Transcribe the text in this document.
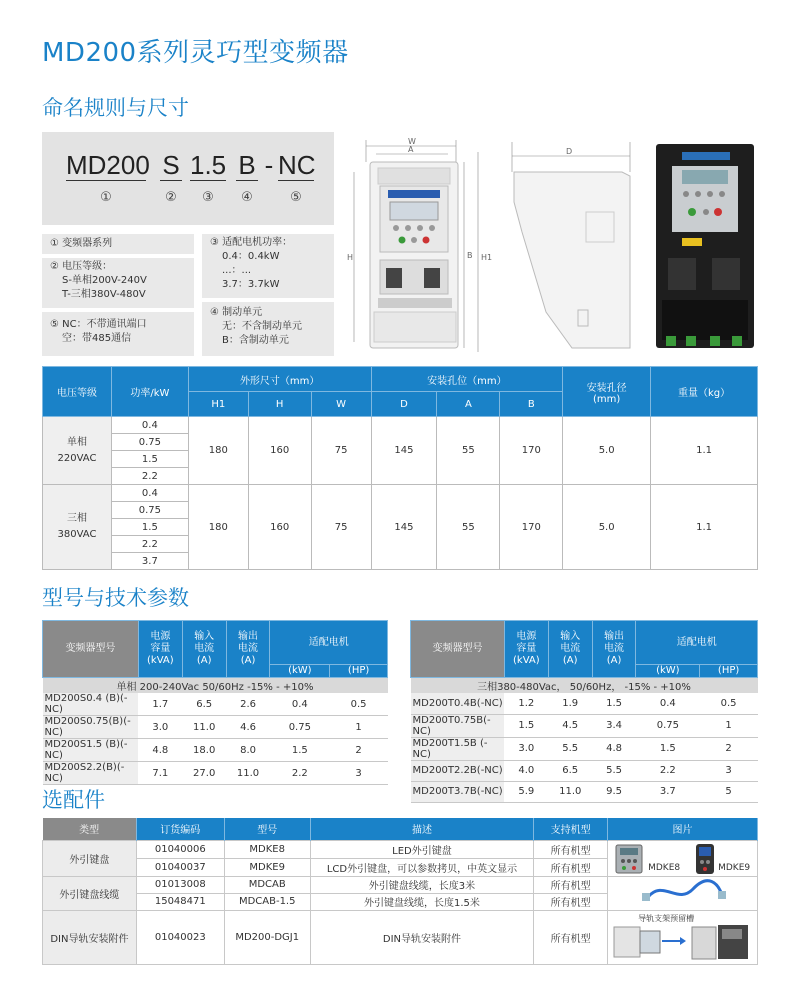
MD200系列灵巧型变频器
命名规则与尺寸
MD200 S 1.5 B - NC
①	②	③	④	⑤
① 变频器系列
② 电压等级：
S-单相200V-240V
T-三相380V-480V
⑤ NC：不带通讯端口
空：带485通信
③ 适配电机功率：
0.4：0.4kW
...：...
3.7：3.7kW
④ 制动单元
无：不含制动单元
B：含制动单元
W
A
H	B H1
D
电压等级	功率/kW	外形尺寸（mm）			安装孔位（mm）			安装孔径
(mm)	重量（kg）
		H1	H	W	D	A	B		
单相
220VAC	0.4	180	160	75	145	55	170	5.0	1.1
	0.75								
	1.5								
	2.2								
三相
380VAC	0.4	180	160	75	145	55	170	5.0	1.1
	0.75								
	1.5								
	2.2								
	3.7								
型号与技术参数
变频器型号	电源
容量
(kVA)	输入
电流
(A)	输出
电流
(A)	适配电机	
				(kW)	(HP)
单相 200-240Vac 50/60Hz -15% - +10%					
MD200S0.4 (B)(-NC)	1.7	6.5	2.6	0.4	0.5
MD200S0.75(B)(-NC)	3.0	11.0	4.6	0.75	1
MD200S1.5 (B)(-NC)	4.8	18.0	8.0	1.5	2
MD200S2.2(B)(-NC)	7.1	27.0	11.0	2.2	3
变频器型号	电源
容量
(kVA)	输入
电流
(A)	输出
电流
(A)	适配电机	
				(kW)	(HP)
三相380-480Vac， 50/60Hz， -15% - +10%					
MD200T0.4B(-NC)	1.2	1.9	1.5	0.4	0.5
MD200T0.75B(-NC)	1.5	4.5	3.4	0.75	1
MD200T1.5B (-NC)	3.0	5.5	4.8	1.5	2
MD200T2.2B(-NC)	4.0	6.5	5.5	2.2	3
MD200T3.7B(-NC)	5.9	11.0	9.5	3.7	5
选配件
类型	订货编码	型号	描述	支持机型	图片
外引键盘	01040006	MDKE8	LED外引键盘	所有机型	MDKE8 MDKE9

	01040037	MDKE9	LCD外引键盘，可以参数拷贝，中英文显示	所有机型	
外引键盘线缆	01013008	MDCAB	外引键盘线缆，长度3米	所有机型	
	15048471	MDCAB-1.5	外引键盘线缆，长度1.5米	所有机型	
DIN导轨安装附件	01040023	MD200-DGJ1	DIN导轨安装附件	所有机型	导轨支架预留槽
